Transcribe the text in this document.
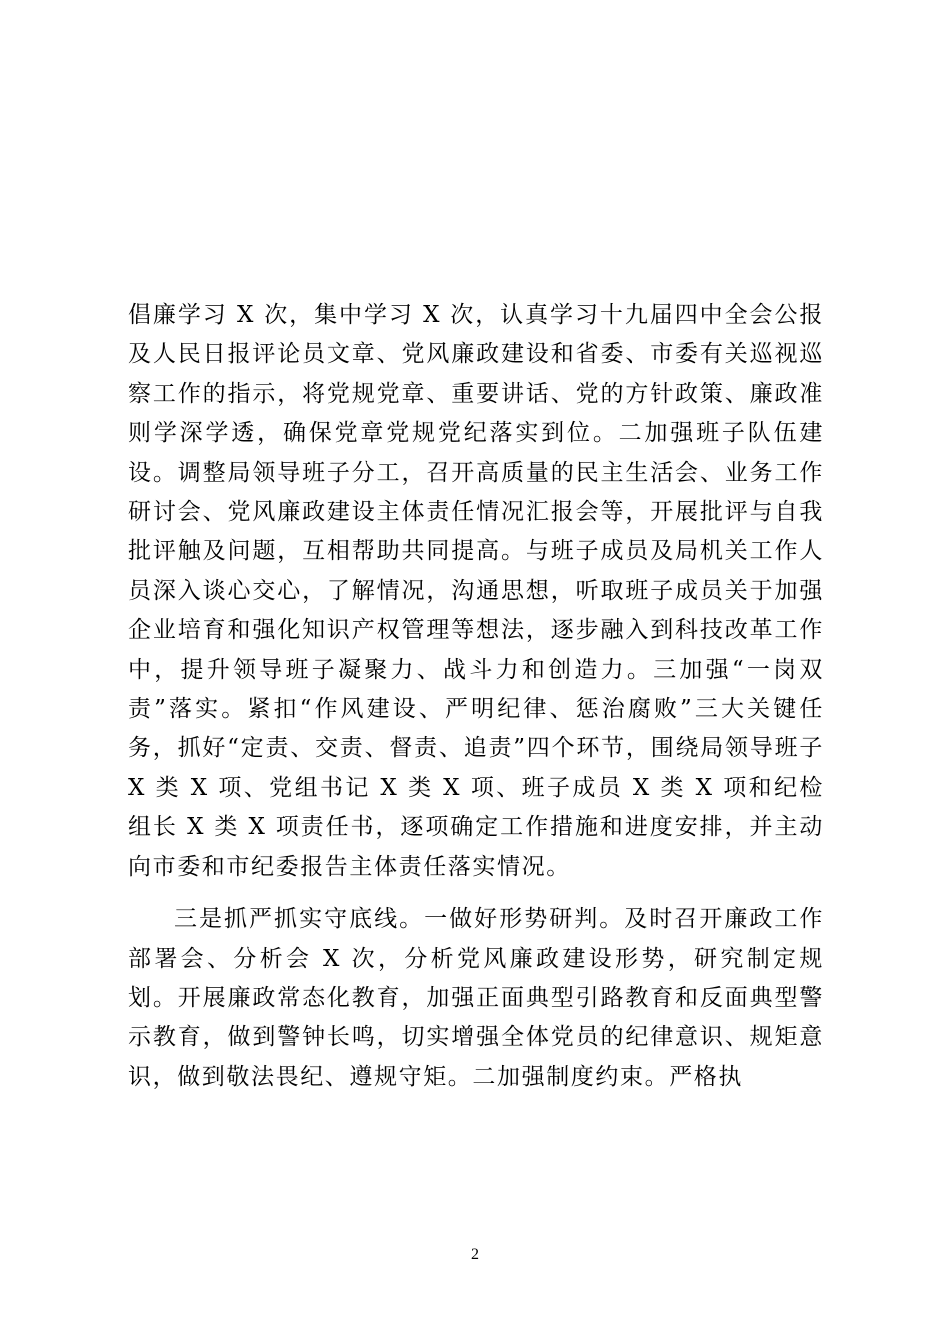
倡廉学习 X 次，集中学习 X 次，认真学习十九届四中全会公报及人民日报评论员文章、党风廉政建设和省委、市委有关巡视巡察工作的指示，将党规党章、重要讲话、党的方针政策、廉政准则学深学透，确保党章党规党纪落实到位。二加强班子队伍建设。调整局领导班子分工，召开高质量的民主生活会、业务工作研讨会、党风廉政建设主体责任情况汇报会等，开展批评与自我批评触及问题，互相帮助共同提高。与班子成员及局机关工作人员深入谈心交心，了解情况，沟通思想，听取班子成员关于加强企业培育和强化知识产权管理等想法，逐步融入到科技改革工作中，提升领导班子凝聚力、战斗力和创造力。三加强“一岗双责”落实。紧扣“作风建设、严明纪律、惩治腐败”三大关键任务，抓好“定责、交责、督责、追责”四个环节，围绕局领导班子 X 类 X 项、党组书记 X 类 X 项、班子成员 X 类 X 项和纪检组长 X 类 X 项责任书，逐项确定工作措施和进度安排，并主动向市委和市纪委报告主体责任落实情况。

三是抓严抓实守底线。一做好形势研判。及时召开廉政工作部署会、分析会 X 次，分析党风廉政建设形势，研究制定规划。开展廉政常态化教育，加强正面典型引路教育和反面典型警示教育，做到警钟长鸣，切实增强全体党员的纪律意识、规矩意识，做到敬法畏纪、遵规守矩。二加强制度约束。严格执

2
